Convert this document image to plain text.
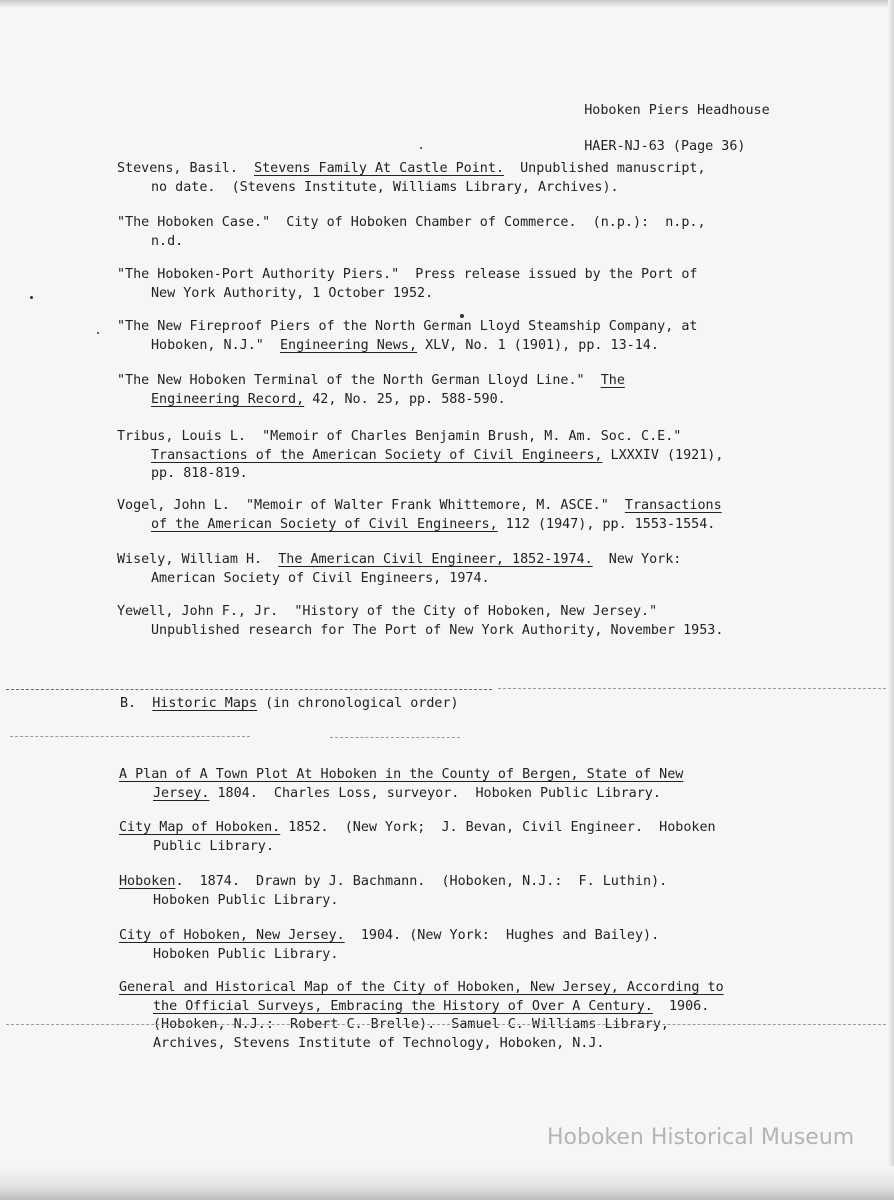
Hoboken Piers Headhouse

HAER-NJ-63 (Page 36)

Stevens, Basil.  Stevens Family At Castle Point.  Unpublished manuscript,
no date.  (Stevens Institute, Williams Library, Archives).
"The Hoboken Case."  City of Hoboken Chamber of Commerce.  (n.p.):  n.p.,
n.d.
"The Hoboken-Port Authority Piers."  Press release issued by the Port of
New York Authority, 1 October 1952.
"The New Fireproof Piers of the North German Lloyd Steamship Company, at
Hoboken, N.J."  Engineering News, XLV, No. 1 (1901), pp. 13-14.
"The New Hoboken Terminal of the North German Lloyd Line."  The
Engineering Record, 42, No. 25, pp. 588-590.
Tribus, Louis L.  "Memoir of Charles Benjamin Brush, M. Am. Soc. C.E."
Transactions of the American Society of Civil Engineers, LXXXIV (1921),
pp. 818-819.
Vogel, John L.  "Memoir of Walter Frank Whittemore, M. ASCE."  Transactions
of the American Society of Civil Engineers, 112 (1947), pp. 1553-1554.
Wisely, William H.  The American Civil Engineer, 1852-1974.  New York:
American Society of Civil Engineers, 1974.
Yewell, John F., Jr.  "History of the City of Hoboken, New Jersey."
Unpublished research for The Port of New York Authority, November 1953.
B. Historic Maps (in chronological order)
A Plan of A Town Plot At Hoboken in the County of Bergen, State of New
Jersey. 1804.  Charles Loss, surveyor.  Hoboken Public Library.
City Map of Hoboken. 1852.  (New York;  J. Bevan, Civil Engineer.  Hoboken
Public Library.
Hoboken.  1874.  Drawn by J. Bachmann.  (Hoboken, N.J.:  F. Luthin).
Hoboken Public Library.
City of Hoboken, New Jersey.  1904. (New York:  Hughes and Bailey).
Hoboken Public Library.
General and Historical Map of the City of Hoboken, New Jersey, According to
the Official Surveys, Embracing the History of Over A Century.  1906.
(Hoboken, N.J.:  Robert C. Brelle).  Samuel C. Williams Library,
Archives, Stevens Institute of Technology, Hoboken, N.J.
Hoboken Historical Museum
